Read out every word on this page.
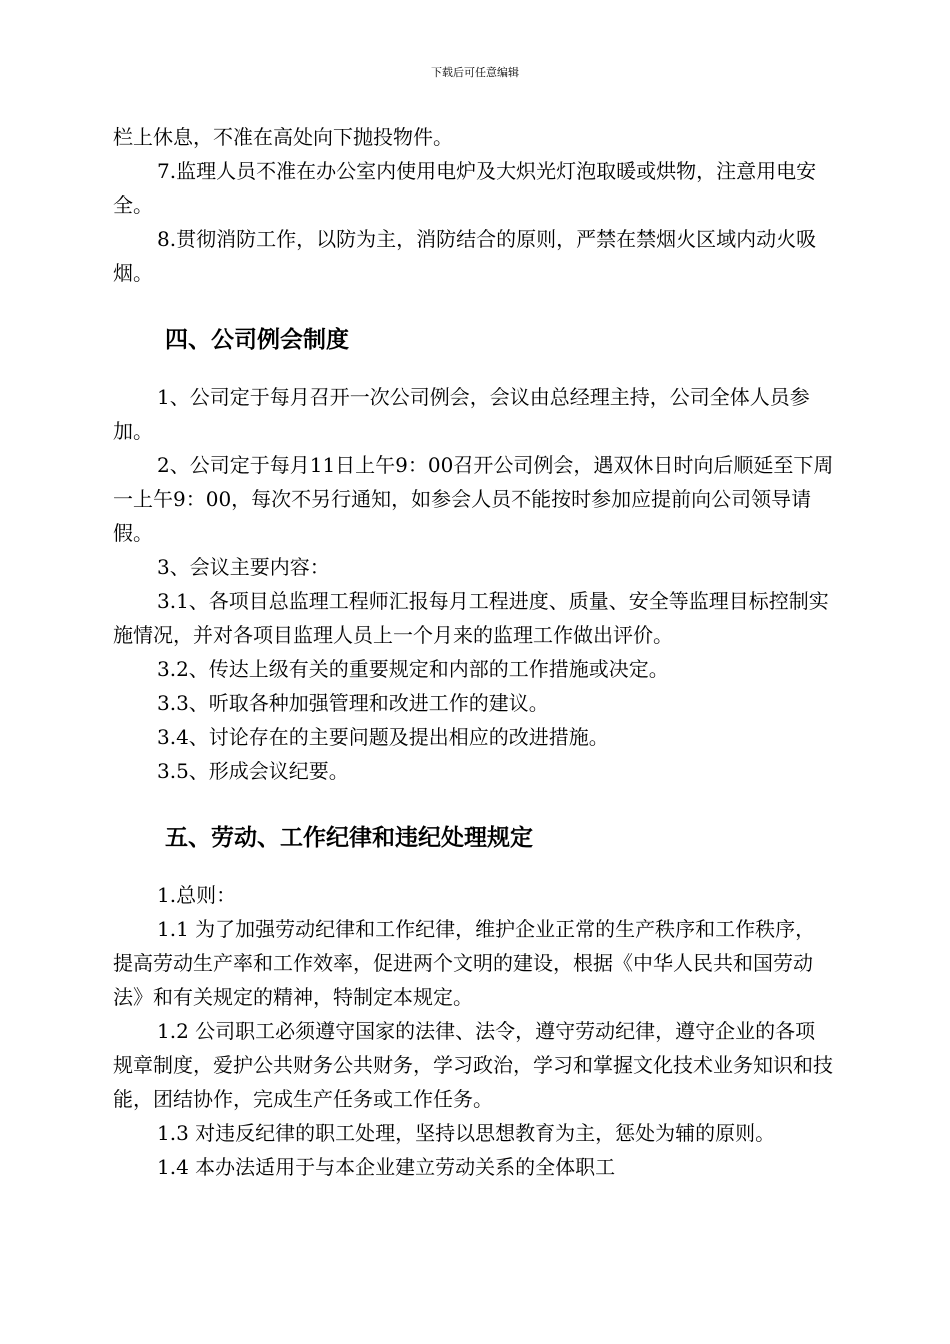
下载后可任意编辑

栏上休息，不准在高处向下抛投物件。

7.监理人员不准在办公室内使用电炉及大炽光灯泡取暖或烘物，注意用电安全。

8.贯彻消防工作，以防为主，消防结合的原则，严禁在禁烟火区域内动火吸烟。

四、公司例会制度

1、公司定于每月召开一次公司例会，会议由总经理主持，公司全体人员参加。

2、公司定于每月11日上午9：00召开公司例会，遇双休日时向后顺延至下周一上午9：00，每次不另行通知，如参会人员不能按时参加应提前向公司领导请假。

3、会议主要内容：

3.1、各项目总监理工程师汇报每月工程进度、质量、安全等监理目标控制实施情况，并对各项目监理人员上一个月来的监理工作做出评价。

3.2、传达上级有关的重要规定和内部的工作措施或决定。

3.3、听取各种加强管理和改进工作的建议。

3.4、讨论存在的主要问题及提出相应的改进措施。

3.5、形成会议纪要。

五、劳动、工作纪律和违纪处理规定

1.总则：

1.1 为了加强劳动纪律和工作纪律，维护企业正常的生产秩序和工作秩序，提高劳动生产率和工作效率，促进两个文明的建设，根据《中华人民共和国劳动法》和有关规定的精神，特制定本规定。

1.2 公司职工必须遵守国家的法律、法令，遵守劳动纪律，遵守企业的各项规章制度，爱护公共财务公共财务，学习政治，学习和掌握文化技术业务知识和技能，团结协作，完成生产任务或工作任务。

1.3 对违反纪律的职工处理，坚持以思想教育为主，惩处为辅的原则。

1.4 本办法适用于与本企业建立劳动关系的全体职工
